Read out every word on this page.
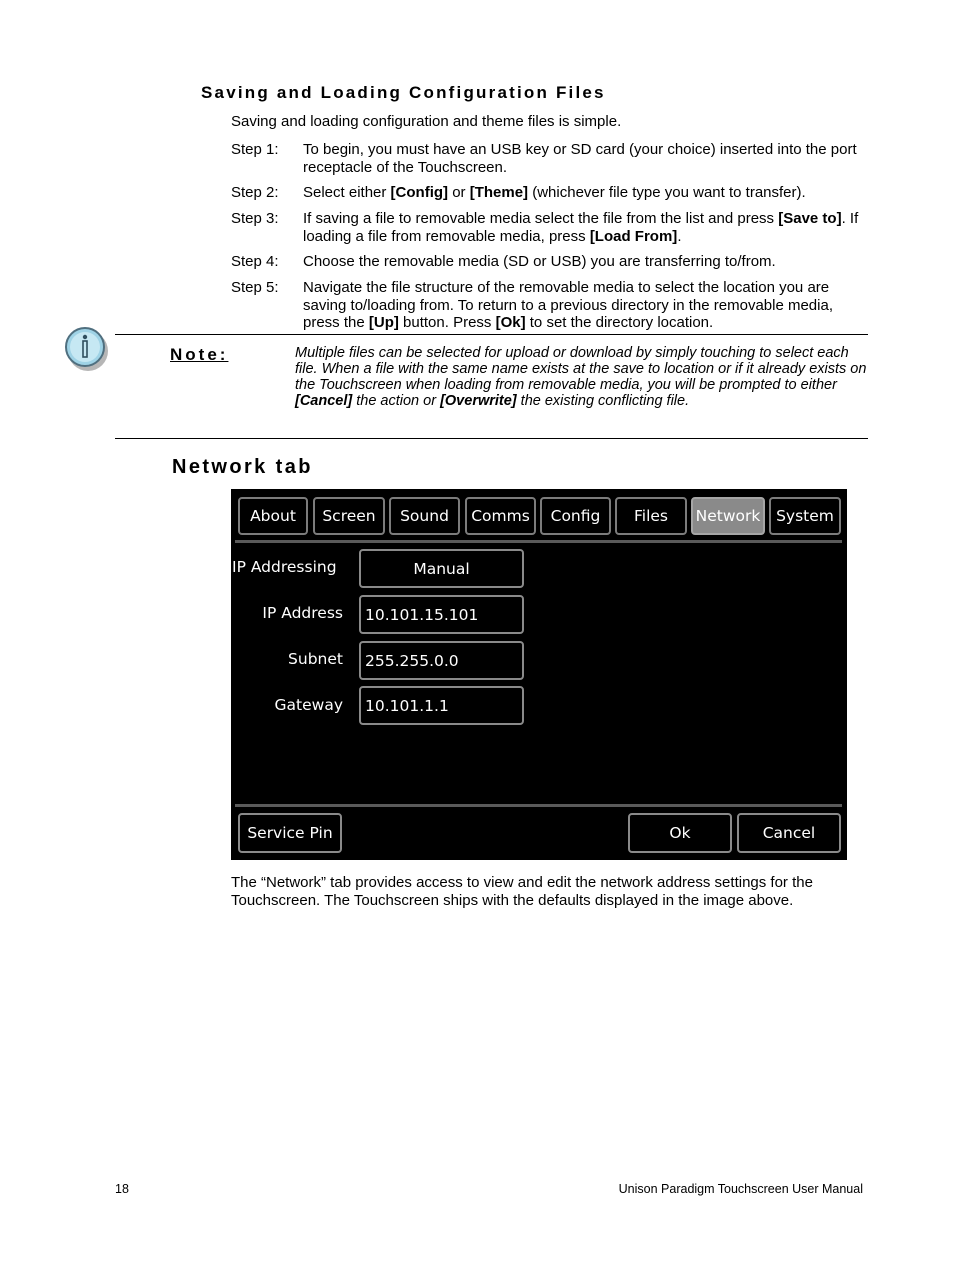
Saving and Loading Configuration Files
Saving and loading configuration and theme files is simple.
Step 1: To begin, you must have an USB key or SD card (your choice) inserted into the port receptacle of the Touchscreen.
Step 2: Select either [Config] or [Theme] (whichever file type you want to transfer).
Step 3: If saving a file to removable media select the file from the list and press [Save to]. If loading a file from removable media, press [Load From].
Step 4: Choose the removable media (SD or USB) you are transferring to/from.
Step 5: Navigate the file structure of the removable media to select the location you are saving to/loading from. To return to a previous directory in the removable media, press the [Up] button. Press [Ok] to set the directory location.
Note:	Multiple files can be selected for upload or download by simply touching to select each file. When a file with the same name exists at the save to location or if it already exists on the Touchscreen when loading from removable media, you will be prompted to either [Cancel] the action or [Overwrite] the existing conflicting file.
Network tab
About	Screen	Sound	Comms	Config	Files	Network	System
IP Addressing	Manual
IP Address	10.101.15.101
Subnet	255.255.0.0
Gateway	10.101.1.1
Service Pin	Ok	Cancel
The “Network” tab provides access to view and edit the network address settings for the Touchscreen. The Touchscreen ships with the defaults displayed in the image above.
18	Unison Paradigm Touchscreen User Manual
